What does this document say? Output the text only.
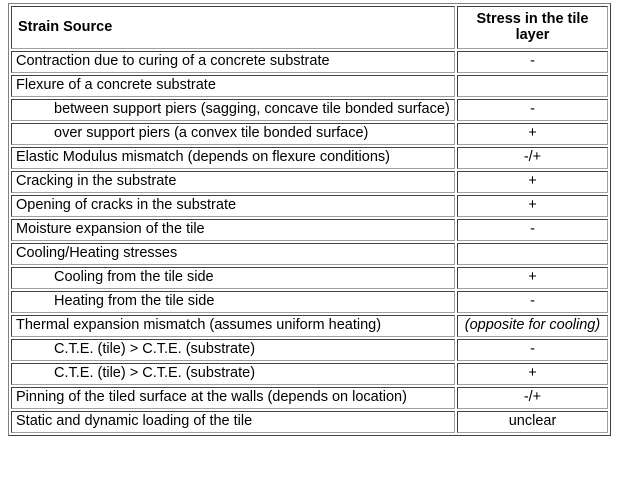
Strain Source	Stress in the tile layer
Contraction due to curing of a concrete substrate	-
Flexure of a concrete substrate	
between support piers (sagging, concave tile bonded surface)	-
over support piers (a convex tile bonded surface)	+
Elastic Modulus mismatch (depends on flexure conditions)	-/+
Cracking in the substrate	+
Opening of cracks in the substrate	+
Moisture expansion of the tile	-
Cooling/Heating stresses	
Cooling from the tile side	+
Heating from the tile side	-
Thermal expansion mismatch (assumes uniform heating)	(opposite for cooling)
C.T.E. (tile) > C.T.E. (substrate)	-
C.T.E. (tile) > C.T.E. (substrate)	+
Pinning of the tiled surface at the walls (depends on location)	-/+
Static and dynamic loading of the tile	unclear
